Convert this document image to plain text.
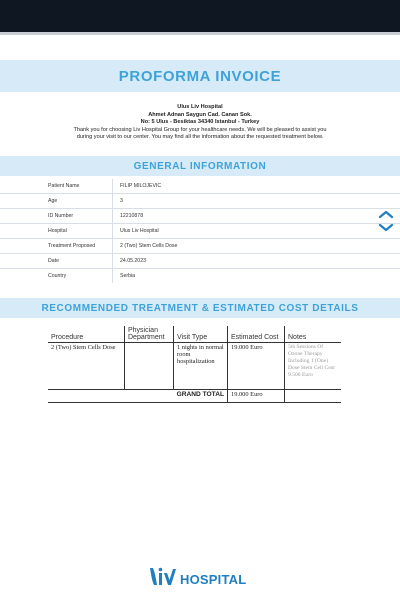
PROFORMA INVOICE
Ulus Liv Hospital
Ahmet Adnan Saygun Cad. Canan Sok.
No: 5 Ulus - Besiktas 34340 Istanbul - Turkey
Thank you for choosing Liv Hospital Group for your healthcare needs. We will be pleased to assist you
during your visit to our center. You may find all the information about the requested treatment below.
GENERAL INFORMATION
Patient Name	FILIP MILOJEVIC
Age	3
ID Number	12210878
Hospital	Ulus Liv Hospital
Treatment Proposed	2 (Two) Stem Cells Dose
Date	24.05.2023
Country	Serbia
RECOMMENDED TREATMENT & ESTIMATED COST DETAILS
Procedure	Physician Department	Visit Type	Estimated Cost	Notes
2 (Two) Stem Cells Dose		1 nights in normal room hospitalization	19.000 Euro	5th Sessions Of Ozone Therapy Including 1 (One) Dose Stem Cell Cost 9.500 Euro
GRAND TOTAL			19.000 Euro	
HOSPITAL
